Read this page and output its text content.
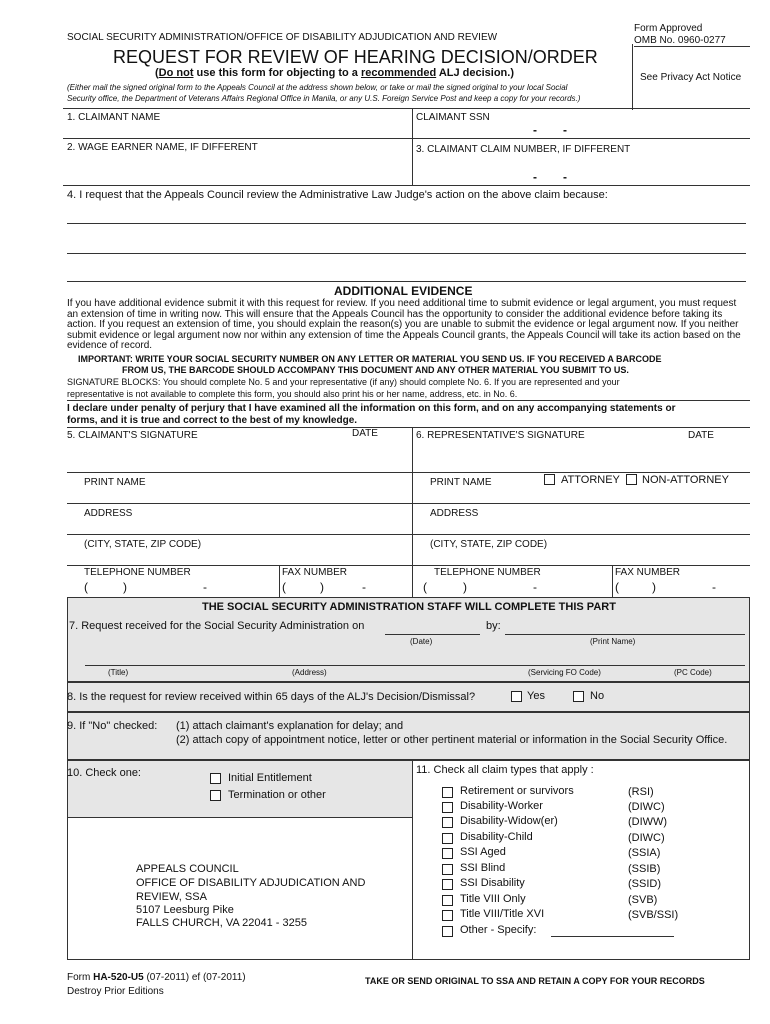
SOCIAL SECURITY ADMINISTRATION/OFFICE OF DISABILITY ADJUDICATION AND REVIEW
Form Approved
OMB No. 0960-0277
REQUEST FOR REVIEW OF HEARING DECISION/ORDER
(Do not use this form for objecting to a recommended ALJ decision.)
(Either mail the signed original form to the Appeals Council at the address shown below, or take or mail the signed original to your local Social
Security office, the Department of Veterans Affairs Regional Office in Manila, or any U.S. Foreign Service Post and keep a copy for your records.)
See Privacy Act Notice
1. CLAIMANT NAME	CLAIMANT SSN
- -
2. WAGE EARNER NAME, IF DIFFERENT	3. CLAIMANT CLAIM NUMBER, IF DIFFERENT
- -
4. I request that the Appeals Council review the Administrative Law Judge's action on the above claim because:
ADDITIONAL EVIDENCE
If you have additional evidence submit it with this request for review. If you need additional time to submit evidence or legal argument, you must request an extension of time in writing now. This will ensure that the Appeals Council has the opportunity to consider the additional evidence before taking its action. If you request an extension of time, you should explain the reason(s) you are unable to submit the evidence or legal argument now. If you neither submit evidence or legal argument now nor within any extension of time the Appeals Council grants, the Appeals Council will take its action based on the evidence of record.
IMPORTANT: WRITE YOUR SOCIAL SECURITY NUMBER ON ANY LETTER OR MATERIAL YOU SEND US. IF YOU RECEIVED A BARCODE
FROM US, THE BARCODE SHOULD ACCOMPANY THIS DOCUMENT AND ANY OTHER MATERIAL YOU SUBMIT TO US.
SIGNATURE BLOCKS: You should complete No. 5 and your representative (if any) should complete No. 6. If you are represented and your
representative is not available to complete this form, you should also print his or her name, address, etc. in No. 6.
I declare under penalty of perjury that I have examined all the information on this form, and on any accompanying statements or
forms, and it is true and correct to the best of my knowledge.
5. CLAIMANT'S SIGNATURE	DATE	6. REPRESENTATIVE'S SIGNATURE	DATE
PRINT NAME	PRINT NAME	ATTORNEY NON-ATTORNEY
ADDRESS	ADDRESS
(CITY, STATE, ZIP CODE)	(CITY, STATE, ZIP CODE)
TELEPHONE NUMBER	FAX NUMBER	TELEPHONE NUMBER	FAX NUMBER
(	)	-	(	)	-	(	)	-	(	)	-
THE SOCIAL SECURITY ADMINISTRATION STAFF WILL COMPLETE THIS PART
7. Request received for the Social Security Administration on	by:
(Date)	(Print Name)
(Title)	(Address)	(Servicing FO Code)	(PC Code)
8. Is the request for review received within 65 days of the ALJ's Decision/Dismissal?	Yes	No
9. If "No" checked: (1) attach claimant's explanation for delay; and
(2) attach copy of appointment notice, letter or other pertinent material or information in the Social Security Office.
10. Check one:	Initial Entitlement
Termination or other
11. Check all claim types that apply :
Retirement or survivors	(RSI)
Disability-Worker	(DIWC)
Disability-Widow(er)	(DIWW)
Disability-Child	(DIWC)
SSI Aged	(SSIA)
SSI Blind	(SSIB)
SSI Disability	(SSID)
Title VIII Only	(SVB)
Title VIII/Title XVI	(SVB/SSI)
Other - Specify:
APPEALS COUNCIL
OFFICE OF DISABILITY ADJUDICATION AND
REVIEW, SSA
5107 Leesburg Pike
FALLS CHURCH, VA 22041 - 3255
Form HA-520-U5 (07-2011) ef (07-2011)
Destroy Prior Editions
TAKE OR SEND ORIGINAL TO SSA AND RETAIN A COPY FOR YOUR RECORDS
